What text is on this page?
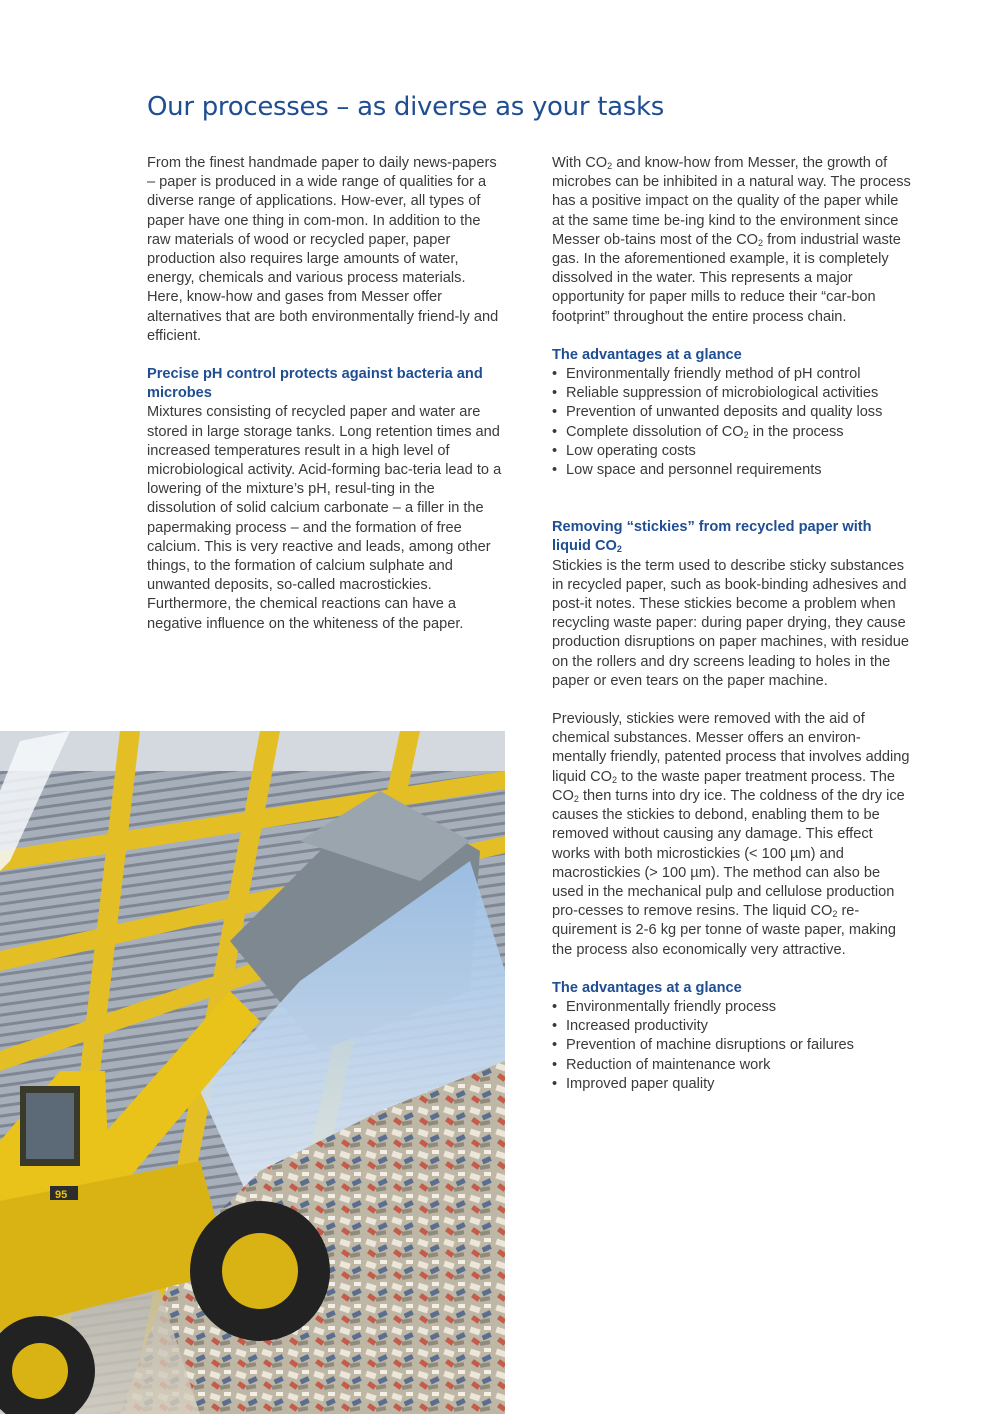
Our processes – as diverse as your tasks

From the finest handmade paper to daily news-papers – paper is produced in a wide range of qualities for a diverse range of applications. How-ever, all types of paper have one thing in com-mon. In addition to the raw materials of wood or recycled paper, paper production also requires large amounts of water, energy, chemicals and various process materials.

Here, know-how and gases from Messer offer alternatives that are both environmentally friend-ly and efficient.

Precise pH control protects against bacteria and microbes

Mixtures consisting of recycled paper and water are stored in large storage tanks. Long retention times and increased temperatures result in a high level of microbiological activity. Acid-forming bac-teria lead to a lowering of the mixture’s pH, resul-ting in the dissolution of solid calcium carbonate – a filler in the papermaking process – and the formation of free calcium. This is very reactive and leads, among other things, to the formation of calcium sulphate and unwanted deposits, so-called macrostickies. Furthermore, the chemical reactions can have a negative influence on the whiteness of the paper.

With $CO_2$ and know-how from Messer, the growth of microbes can be inhibited in a natural way. The process has a positive impact on the quality of the paper while at the same time be-ing kind to the environment since Messer ob-tains most of the $CO_2$ from industrial waste gas. In the aforementioned example, it is completely dissolved in the water. This represents a major opportunity for paper mills to reduce their “car-bon footprint” throughout the entire process chain.

The advantages at a glance
• Environmentally friendly method of pH control
• Reliable suppression of microbiological activities
• Prevention of unwanted deposits and quality loss
• Complete dissolution of $CO_2$ in the process
• Low operating costs
• Low space and personnel requirements
Removing “stickies” from recycled paper with liquid $CO_2$

Stickies is the term used to describe sticky substances in recycled paper, such as book-binding adhesives and post-it notes. These stickies become a problem when recycling waste paper: during paper drying, they cause production disruptions on paper machines, with residue on the rollers and dry screens leading to holes in the paper or even tears on the paper machine.

Previously, stickies were removed with the aid of chemical substances. Messer offers an environ-mentally friendly, patented process that involves adding liquid $CO_2$ to the waste paper treatment process. The $CO_2$ then turns into dry ice. The coldness of the dry ice causes the stickies to debond, enabling them to be removed without causing any damage. This effect works with both microstickies (< 100 µm) and macrostickies (> 100 µm). The method can also be used in the mechanical pulp and cellulose production pro-cesses to remove resins. The liquid $CO_2$ re-quirement is 2-6 kg per tonne of waste paper, making the process also economically very attractive.

The advantages at a glance
• Environmentally friendly process
• Increased productivity
• Prevention of machine disruptions or failures
• Reduction of maintenance work
• Improved paper quality
95
